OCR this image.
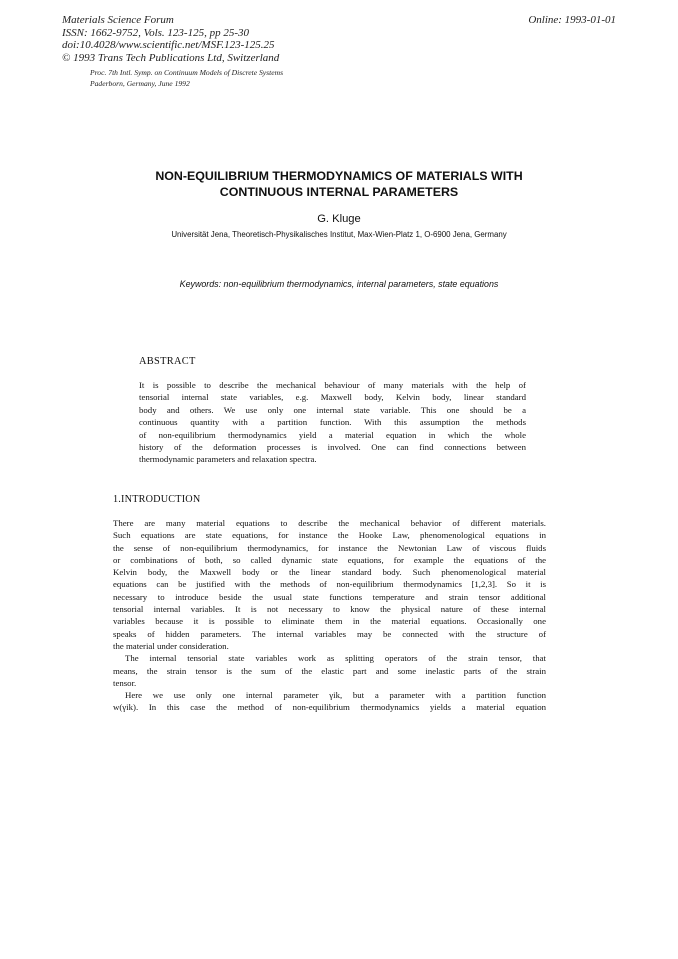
Materials Science Forum
ISSN: 1662-9752, Vols. 123-125, pp 25-30
doi:10.4028/www.scientific.net/MSF.123-125.25
© 1993 Trans Tech Publications Ltd, Switzerland
Online: 1993-01-01
Proc. 7th Intl. Symp. on Continuum Models of Discrete Systems
Paderborn, Germany, June 1992
NON-EQUILIBRIUM THERMODYNAMICS OF MATERIALS WITH
CONTINUOUS INTERNAL PARAMETERS
G. Kluge
Universität Jena, Theoretisch-Physikalisches Institut, Max-Wien-Platz 1, O-6900 Jena, Germany
Keywords: non-equilibrium thermodynamics, internal parameters, state equations
ABSTRACT
It is possible to describe the mechanical behaviour of many materials with the help of
tensorial internal state variables, e.g. Maxwell body, Kelvin body, linear standard
body and others. We use only one internal state variable. This one should be a
continuous quantity with a partition function. With this assumption the methods
of non-equilibrium thermodynamics yield a material equation in which the whole
history of the deformation processes is involved. One can find connections between
thermodynamic parameters and relaxation spectra.
1.INTRODUCTION
There are many material equations to describe the mechanical behavior of different materials.
Such equations are state equations, for instance the Hooke Law, phenomenological equations in
the sense of non-equilibrium thermodynamics, for instance the Newtonian Law of viscous fluids
or combinations of both, so called dynamic state equations, for example the equations of the
Kelvin body, the Maxwell body or the linear standard body. Such phenomenological material
equations can be justified with the methods of non-equilibrium thermodynamics [1,2,3]. So it is
necessary to introduce beside the usual state functions temperature and strain tensor additional
tensorial internal variables. It is not necessary to know the physical nature of these internal
variables because it is possible to eliminate them in the material equations. Occasionally one
speaks of hidden parameters. The internal variables may be connected with the structure of
the material under consideration.
The internal tensorial state variables work as splitting operators of the strain tensor, that
means, the strain tensor is the sum of the elastic part and some inelastic parts of the strain
tensor.
Here we use only one internal parameter γik, but a parameter with a partition function
w(γik). In this case the method of non-equilibrium thermodynamics yields a material equation
